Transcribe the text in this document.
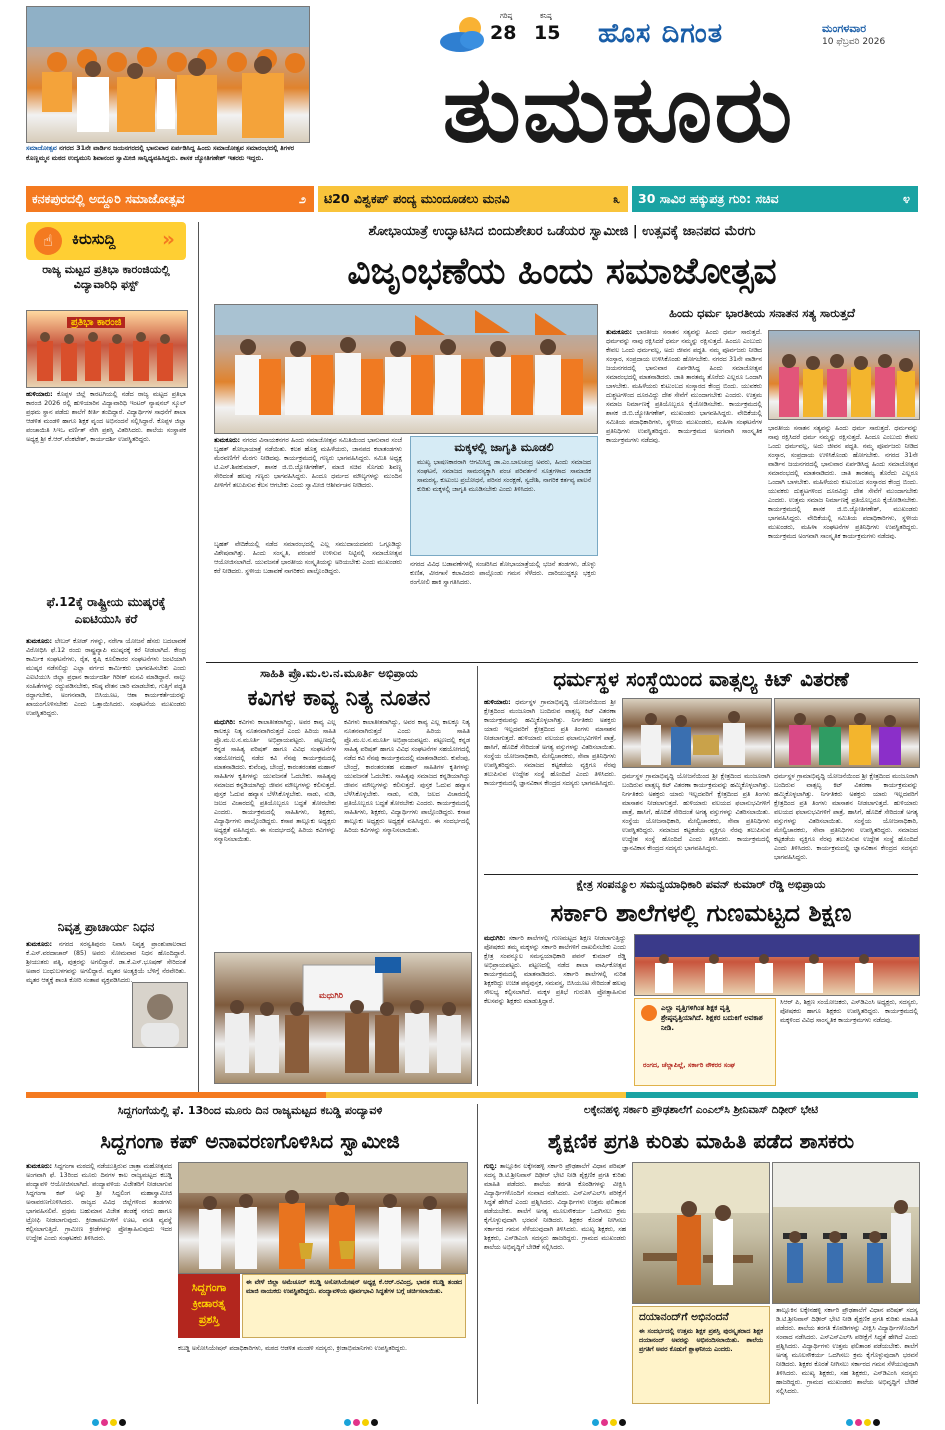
ಸಮಾಜೋತ್ಸವ ನಗರದ 31ನೇ ವಾರ್ಡಿನ ಜಯನಗರದಲ್ಲಿ ಭಾನುವಾರ ಏರ್ಪಡಿಸಿದ್ದ ಹಿಂದು ಸಮಾಜೋತ್ಸವ ಸಮಾರಂಭದಲ್ಲಿ ತಿಗಳರ ಕೊಣ್ಣಮ್ಮನ ಮಠದ ಉದ್ಯಮುನಿ ಶಿವಾನಂದ ಸ್ವಾಮೀಜಿ ಸಾನ್ನಿಧ್ಯವಹಿಸಿದ್ದರು. ಶಾಸಕ ಜ್ಯೋತಿಗಣೇಶ್ ಇತರರು ಇದ್ದರು.
ಗರಿಷ್ಠ
28
ಕನಿಷ್ಠ
15 ಹೊಸ ದಿಗಂತ	ಮಂಗಳವಾರ
10 ಫೆಬ್ರವರಿ 2026
ತುಮಕೂರು
ಕನಕಪುರದಲ್ಲಿ ಅದ್ದೂರಿ ಸಮಾಜೋತ್ಸವ	೨	ಟಿ20 ವಿಶ್ವಕಪ್ ಪಂದ್ಯ ಮುಂದೂಡಲು ಮನವಿ	೩	30 ಸಾವಿರ ಹಕ್ಕುಪತ್ರ ಗುರಿ: ಸಚಿವ	೪
☝	ಕಿರುಸುದ್ದಿ »
ರಾಜ್ಯ ಮಟ್ಟದ ಪ್ರತಿಭಾ ಕಾರಂಜಿಯಲ್ಲಿ ವಿದ್ಯಾವಾರಿಧಿ ಫಸ್ಟ್
ಪ್ರತಿಭಾ ಕಾರಂಜಿ
ಹುಳಿಯಾರು: ಕೊಪ್ಪಳ ಜಿಲ್ಲೆ ಕಾರಟಗಿಯಲ್ಲಿ ನಡೆದ ರಾಜ್ಯ ಮಟ್ಟದ ಪ್ರತಿಭಾ ಕಾರಂಜಿ 2026 ರಲ್ಲಿ ಹುಳಿಯಾರಿನ ವಿದ್ಯಾವಾರಿಧಿ ಇಂಟರ್ ನ್ಯಾಷನಲ್ ಸ್ಕೂಲ್ ಪ್ರಥಮ ಸ್ಥಾನ ಪಡೆದು ಶಾಲೆಗೆ ಕೀರ್ತಿ ತಂದಿದ್ದಾರೆ. ವಿದ್ಯಾರ್ಥಿಗಳ ಸಾಧನೆಗೆ ಶಾಲಾ ಆಡಳಿತ ಮಂಡಳಿ ಹಾಗೂ ಶಿಕ್ಷಕ ವೃಂದ ಅಭಿನಂದನೆ ಸಲ್ಲಿಸಿದ್ದಾರೆ. ಕೊಪ್ಪಳ ಜಿಲ್ಲಾ ಪಂಚಾಯಿತಿ ಸಿಇಒ ವರ್ಣಿತ್ ನೇಗಿ ಪ್ರಶಸ್ತಿ ವಿತರಿಸಿದರು. ಶಾಲೆಯ ಸಂಸ್ಥಾಪಕ ಅಧ್ಯಕ್ಷ ಶ್ರೀ ಕೆ.ಆರ್.ವೆಂಕಟೇಶ್, ಕಾರ್ಯದರ್ಶಿ ಉಪಸ್ಥಿತರಿದ್ದರು.
ಫೆ.12ಕ್ಕೆ ರಾಷ್ಟ್ರೀಯ ಮುಷ್ಕರಕ್ಕೆ ಎಐಟಿಯುಸಿ ಕರೆ
ತುಮಕೂರು: ಲೇಬರ್ ಕೋಡ್ ಗಳನ್ನು, ನರೇಗಾ ಯೋಜನೆ ಹೆಸರು ಬದಲಾವಣೆ ವಿರೋಧಿಸಿ ಫೆ.12 ರಂದು ರಾಷ್ಟ್ರವ್ಯಾಪಿ ಮುಷ್ಕರಕ್ಕೆ ಕರೆ ನೀಡಲಾಗಿದೆ. ಕೇಂದ್ರ ಕಾರ್ಮಿಕ ಸಂಘಟನೆಗಳು, ರೈತ, ಕೃಷಿ ಕೂಲಿಕಾರರ ಸಂಘಟನೆಗಳು ಜಂಟಿಯಾಗಿ ಮುಷ್ಕರ ನಡೆಸಲಿದ್ದು ಎಲ್ಲಾ ವರ್ಗದ ಕಾರ್ಮಿಕರು ಭಾಗವಹಿಸಬೇಕು ಎಂದು ಎಐಟಿಯುಸಿ ಜಿಲ್ಲಾ ಪ್ರಧಾನ ಕಾರ್ಯದರ್ಶಿ ಗಿರೀಶ್ ಮನವಿ ಮಾಡಿದ್ದಾರೆ. ನಾಲ್ಕು ಸಂಹಿತೆಗಳನ್ನು ರದ್ದುಪಡಿಸಬೇಕು, ಕನಿಷ್ಠ ವೇತನ ಜಾರಿ ಮಾಡಬೇಕು, ಗುತ್ತಿಗೆ ಪದ್ಧತಿ ರದ್ದಾಗಬೇಕು, ಅಂಗನವಾಡಿ, ಬಿಸಿಯೂಟ, ಆಶಾ ಕಾರ್ಯಕರ್ತೆಯರನ್ನು ಖಾಯಂಗೊಳಿಸಬೇಕು ಎಂದು ಒತ್ತಾಯಿಸಿದರು. ಸಂಘಟನೆಯ ಮುಖಂಡರು ಉಪಸ್ಥಿತರಿದ್ದರು.
ನಿವೃತ್ತ ಪ್ರಾಚಾರ್ಯ ನಿಧನ
ತುಮಕೂರು: ನಗರದ ಸರಸ್ವತಿಪುರಂ ನಿವಾಸಿ ನಿವೃತ್ತ ಪ್ರಾಂಶುಪಾಲರಾದ ಕೆ.ಎಸ್.ವರದಾಚಾರ್ (85) ಅವರು ಸೋಮವಾರ ನಿಧನ ಹೊಂದಿದ್ದಾರೆ. ಶ್ರೀಯುತರು ಪತ್ನಿ, ಪುತ್ರರನ್ನು ಅಗಲಿದ್ದಾರೆ. ಡಾ.ಕೆ.ಎಸ್.ಭೂಷಣ್ ಸೇರಿದಂತೆ ಅಪಾರ ಬಂಧುಬಳಗವನ್ನು ಅಗಲಿದ್ದಾರೆ. ಮೃತರ ಅಂತ್ಯಕ್ರಿಯೆ ಬೆಳಿಗ್ಗೆ ನೆರವೇರಿತು. ಮೃತರ ಆತ್ಮಕ್ಕೆ ಶಾಂತಿ ಕೋರಿ ಸಂತಾಪ ವ್ಯಕ್ತಪಡಿಸಿದರು.
ಶೋಭಾಯಾತ್ರೆ ಉದ್ಘಾಟಿಸಿದ ಬಿಂದುಶೇಖರ ಒಡೆಯರ ಸ್ವಾಮೀಜಿ | ಉತ್ಸವಕ್ಕೆ ಜಾನಪದ ಮೆರಗು
ವಿಜೃಂಭಣೆಯ ಹಿಂದು ಸಮಾಜೋತ್ಸವ
ತುಮಕೂರು: ನಗರದ ವಿನಾಯಕನಗರ ಹಿಂದು ಸಮಾಜೋತ್ಸವ ಸಮಿತಿಯಿಂದ ಭಾನುವಾರ ಸಂಜೆ ಬೃಹತ್ ಶೋಭಾಯಾತ್ರೆ ನಡೆಯಿತು. ಕಲಶ ಹೊತ್ತ ಮಹಿಳೆಯರು, ಜಾನಪದ ಕಲಾತಂಡಗಳು ಮೆರವಣಿಗೆಗೆ ಮೆರಗು ನೀಡಿದವು. ಕಾರ್ಯಕ್ರಮದಲ್ಲಿ ಗಣ್ಯರು ಭಾಗವಹಿಸಿದ್ದರು. ಸಮಿತಿ ಅಧ್ಯಕ್ಷ ಟಿ.ಎಸ್.ಶಿವಕುಮಾರ್, ಶಾಸಕ ಜಿ.ಬಿ.ಜ್ಯೋತಿಗಣೇಶ್, ಮಾಜಿ ಸಚಿವ ಸೊಗಡು ಶಿವಣ್ಣ ಸೇರಿದಂತೆ ಹಲವು ಗಣ್ಯರು ಭಾಗವಹಿಸಿದ್ದರು. ಹಿಂದೂ ಧರ್ಮದ ಮೌಲ್ಯಗಳನ್ನು ಮುಂದಿನ ಪೀಳಿಗೆಗೆ ತಲುಪಿಸುವ ಕೆಲಸ ಆಗಬೇಕು ಎಂದು ಸ್ವಾಮೀಜಿ ಆಶೀರ್ವಚನ ನೀಡಿದರು.
ಬೃಹತ್ ವೇದಿಕೆಯಲ್ಲಿ ನಡೆದ ಸಮಾರಂಭದಲ್ಲಿ ಎಲ್ಲ ಸಮುದಾಯದವರು ಒಗ್ಗೂಡಿದ್ದು ವಿಶೇಷವಾಗಿತ್ತು. ಹಿಂದು ಸಂಸ್ಕೃತಿ, ಪರಂಪರೆ ಉಳಿಸುವ ನಿಟ್ಟಿನಲ್ಲಿ ಸಮಾಜೋತ್ಸವ ಆಯೋಜಿಸಲಾಗಿದೆ. ಯುವಜನತೆ ಭಾರತೀಯ ಸಂಸ್ಕೃತಿಯನ್ನು ಅರಿಯಬೇಕು ಎಂದು ಮುಖಂಡರು ಕರೆ ನೀಡಿದರು. ಸ್ಥಳೀಯ ಬಡಾವಣೆ ನಾಗರಿಕರು ಪಾಲ್ಗೊಂಡಿದ್ದರು.
ಮಕ್ಕಳಲ್ಲಿ ಜಾಗೃತಿ ಮೂಡಲಿ
ಮುಖ್ಯ ಭಾಷಣಕಾರರಾಗಿ ಆಗಮಿಸಿದ್ದ ಡಾ.ಎಂ.ಬಾಲಚಂದ್ರ ಅವರು, ಹಿಂದು ಸಮಾಜದ ಸಂಘಟನೆ, ಸಮಾಜದ ಸಾಮರಸ್ಯಕ್ಕಾಗಿ ಪಂಚ ಪರಿವರ್ತನೆ ಸೂತ್ರಗಳಾದ ಸಾಮಾಜಿಕ ಸಾಮರಸ್ಯ, ಕುಟುಂಬ ಪ್ರಬೋಧನೆ, ಪರಿಸರ ಸಂರಕ್ಷಣೆ, ಸ್ವದೇಶಿ, ನಾಗರಿಕ ಕರ್ತವ್ಯ ಪಾಲನೆ ಕುರಿತು ಮಕ್ಕಳಲ್ಲಿ ಜಾಗೃತಿ ಮೂಡಿಸಬೇಕು ಎಂದು ತಿಳಿಸಿದರು.
ನಗರದ ವಿವಿಧ ಬಡಾವಣೆಗಳಲ್ಲಿ ಸಂಚರಿಸಿದ ಶೋಭಾಯಾತ್ರೆಯಲ್ಲಿ ಭಜನೆ ತಂಡಗಳು, ಡೊಳ್ಳು ಕುಣಿತ, ವೀರಗಾಸೆ ಕಲಾವಿದರು ಪಾಲ್ಗೊಂಡು ಗಮನ ಸೆಳೆದರು. ದಾರಿಯುದ್ದಕ್ಕೂ ಭಕ್ತರು ರಂಗೋಲಿ ಹಾಕಿ ಸ್ವಾಗತಿಸಿದರು.
ಹಿಂದು ಧರ್ಮ ಭಾರತೀಯ ಸನಾತನ ಸತ್ಯ ಸಾರುತ್ತದೆ
ತುಮಕೂರು: ಭಾರತೀಯ ಸನಾತನ ಸತ್ಯವನ್ನು ಹಿಂದು ಧರ್ಮ ಸಾರುತ್ತದೆ. ಧರ್ಮವನ್ನು ನಾವು ರಕ್ಷಿಸಿದರೆ ಧರ್ಮ ನಮ್ಮನ್ನು ರಕ್ಷಿಸುತ್ತದೆ. ಹಿಂದೂ ಎಂಬುದು ಕೇವಲ ಒಂದು ಧರ್ಮವಲ್ಲ, ಅದು ಜೀವನ ಪದ್ಧತಿ. ನಮ್ಮ ಪೂರ್ವಜರು ನೀಡಿದ ಸಂಸ್ಕಾರ, ಸಂಪ್ರದಾಯ ಉಳಿಸಿಕೊಂಡು ಹೋಗಬೇಕು. ನಗರದ 31ನೇ ವಾರ್ಡಿನ ಜಯನಗರದಲ್ಲಿ ಭಾನುವಾರ ಏರ್ಪಡಿಸಿದ್ದ ಹಿಂದು ಸಮಾಜೋತ್ಸವ ಸಮಾರಂಭದಲ್ಲಿ ಮಾತನಾಡಿದರು. ಜಾತಿ ತಾರತಮ್ಯ ತೊರೆದು ಎಲ್ಲರೂ ಒಂದಾಗಿ ಬಾಳಬೇಕು. ಮಹಿಳೆಯರು ಕುಟುಂಬದ ಸಂಸ್ಕಾರದ ಕೇಂದ್ರ ಬಿಂದು. ಯುವಕರು ದುಶ್ಚಟಗಳಿಂದ ದೂರವಿದ್ದು ದೇಶ ಸೇವೆಗೆ ಮುಂದಾಗಬೇಕು ಎಂದರು. ಉತ್ತಮ ಸಮಾಜ ನಿರ್ಮಾಣಕ್ಕೆ ಪ್ರತಿಯೊಬ್ಬರೂ ಕೈಜೋಡಿಸಬೇಕು. ಕಾರ್ಯಕ್ರಮದಲ್ಲಿ ಶಾಸಕ ಜಿ.ಬಿ.ಜ್ಯೋತಿಗಣೇಶ್, ಮುಖಂಡರು ಭಾಗವಹಿಸಿದ್ದರು. ವೇದಿಕೆಯಲ್ಲಿ ಸಮಿತಿಯ ಪದಾಧಿಕಾರಿಗಳು, ಸ್ಥಳೀಯ ಮುಖಂಡರು, ಮಹಿಳಾ ಸಂಘಟನೆಗಳ ಪ್ರತಿನಿಧಿಗಳು ಉಪಸ್ಥಿತರಿದ್ದರು. ಕಾರ್ಯಕ್ರಮದ ಅಂಗವಾಗಿ ಸಾಂಸ್ಕೃತಿಕ ಕಾರ್ಯಕ್ರಮಗಳು ನಡೆದವು.
ಭಾರತೀಯ ಸನಾತನ ಸತ್ಯವನ್ನು ಹಿಂದು ಧರ್ಮ ಸಾರುತ್ತದೆ. ಧರ್ಮವನ್ನು ನಾವು ರಕ್ಷಿಸಿದರೆ ಧರ್ಮ ನಮ್ಮನ್ನು ರಕ್ಷಿಸುತ್ತದೆ. ಹಿಂದೂ ಎಂಬುದು ಕೇವಲ ಒಂದು ಧರ್ಮವಲ್ಲ, ಅದು ಜೀವನ ಪದ್ಧತಿ. ನಮ್ಮ ಪೂರ್ವಜರು ನೀಡಿದ ಸಂಸ್ಕಾರ, ಸಂಪ್ರದಾಯ ಉಳಿಸಿಕೊಂಡು ಹೋಗಬೇಕು. ನಗರದ 31ನೇ ವಾರ್ಡಿನ ಜಯನಗರದಲ್ಲಿ ಭಾನುವಾರ ಏರ್ಪಡಿಸಿದ್ದ ಹಿಂದು ಸಮಾಜೋತ್ಸವ ಸಮಾರಂಭದಲ್ಲಿ ಮಾತನಾಡಿದರು. ಜಾತಿ ತಾರತಮ್ಯ ತೊರೆದು ಎಲ್ಲರೂ ಒಂದಾಗಿ ಬಾಳಬೇಕು. ಮಹಿಳೆಯರು ಕುಟುಂಬದ ಸಂಸ್ಕಾರದ ಕೇಂದ್ರ ಬಿಂದು. ಯುವಕರು ದುಶ್ಚಟಗಳಿಂದ ದೂರವಿದ್ದು ದೇಶ ಸೇವೆಗೆ ಮುಂದಾಗಬೇಕು ಎಂದರು. ಉತ್ತಮ ಸಮಾಜ ನಿರ್ಮಾಣಕ್ಕೆ ಪ್ರತಿಯೊಬ್ಬರೂ ಕೈಜೋಡಿಸಬೇಕು. ಕಾರ್ಯಕ್ರಮದಲ್ಲಿ ಶಾಸಕ ಜಿ.ಬಿ.ಜ್ಯೋತಿಗಣೇಶ್, ಮುಖಂಡರು ಭಾಗವಹಿಸಿದ್ದರು. ವೇದಿಕೆಯಲ್ಲಿ ಸಮಿತಿಯ ಪದಾಧಿಕಾರಿಗಳು, ಸ್ಥಳೀಯ ಮುಖಂಡರು, ಮಹಿಳಾ ಸಂಘಟನೆಗಳ ಪ್ರತಿನಿಧಿಗಳು ಉಪಸ್ಥಿತರಿದ್ದರು. ಕಾರ್ಯಕ್ರಮದ ಅಂಗವಾಗಿ ಸಾಂಸ್ಕೃತಿಕ ಕಾರ್ಯಕ್ರಮಗಳು ನಡೆದವು.
ಸಾಹಿತಿ ಪ್ರೊ.ಮ.ಲ.ನ.ಮೂರ್ತಿ ಅಭಿಪ್ರಾಯ
ಕವಿಗಳ ಕಾವ್ಯ ನಿತ್ಯ ನೂತನ
ಮಧುಗಿರಿ: ಕವಿಗಳು ಕಾಲಾತೀತರಾಗಿದ್ದು, ಅವರ ಕಾವ್ಯ ಎಲ್ಲ ಕಾಲಕ್ಕೂ ನಿತ್ಯ ನೂತನವಾಗಿರುತ್ತದೆ ಎಂದು ಹಿರಿಯ ಸಾಹಿತಿ ಪ್ರೊ.ಮ.ಲ.ನ.ಮೂರ್ತಿ ಅಭಿಪ್ರಾಯಪಟ್ಟರು. ಪಟ್ಟಣದಲ್ಲಿ ಕನ್ನಡ ಸಾಹಿತ್ಯ ಪರಿಷತ್ ಹಾಗೂ ವಿವಿಧ ಸಂಘಟನೆಗಳ ಸಹಯೋಗದಲ್ಲಿ ನಡೆದ ಕವಿ ನೆನಪು ಕಾರ್ಯಕ್ರಮದಲ್ಲಿ ಮಾತನಾಡಿದರು. ಕುವೆಂಪು, ಬೇಂದ್ರೆ, ಕಾರಂತರಂತಹ ಮಹಾನ್ ಸಾಹಿತಿಗಳ ಕೃತಿಗಳನ್ನು ಯುವಜನತೆ ಓದಬೇಕು. ಸಾಹಿತ್ಯವು ಸಮಾಜದ ಕನ್ನಡಿಯಾಗಿದ್ದು ಜೀವನ ಮೌಲ್ಯಗಳನ್ನು ಕಲಿಸುತ್ತದೆ. ಪುಸ್ತಕ ಓದುವ ಹವ್ಯಾಸ ಬೆಳೆಸಿಕೊಳ್ಳಬೇಕು. ನಾಡು, ನುಡಿ, ಜಲದ ವಿಚಾರದಲ್ಲಿ ಪ್ರತಿಯೊಬ್ಬರೂ ಬದ್ಧತೆ ತೋರಬೇಕು ಎಂದರು. ಕಾರ್ಯಕ್ರಮದಲ್ಲಿ ಸಾಹಿತಿಗಳು, ಶಿಕ್ಷಕರು, ವಿದ್ಯಾರ್ಥಿಗಳು ಪಾಲ್ಗೊಂಡಿದ್ದರು. ಕಸಾಪ ತಾಲ್ಲೂಕು ಅಧ್ಯಕ್ಷರು ಅಧ್ಯಕ್ಷತೆ ವಹಿಸಿದ್ದರು. ಈ ಸಂದರ್ಭದಲ್ಲಿ ಹಿರಿಯ ಕವಿಗಳನ್ನು ಸನ್ಮಾನಿಸಲಾಯಿತು.
ಕವಿಗಳು ಕಾಲಾತೀತರಾಗಿದ್ದು, ಅವರ ಕಾವ್ಯ ಎಲ್ಲ ಕಾಲಕ್ಕೂ ನಿತ್ಯ ನೂತನವಾಗಿರುತ್ತದೆ ಎಂದು ಹಿರಿಯ ಸಾಹಿತಿ ಪ್ರೊ.ಮ.ಲ.ನ.ಮೂರ್ತಿ ಅಭಿಪ್ರಾಯಪಟ್ಟರು. ಪಟ್ಟಣದಲ್ಲಿ ಕನ್ನಡ ಸಾಹಿತ್ಯ ಪರಿಷತ್ ಹಾಗೂ ವಿವಿಧ ಸಂಘಟನೆಗಳ ಸಹಯೋಗದಲ್ಲಿ ನಡೆದ ಕವಿ ನೆನಪು ಕಾರ್ಯಕ್ರಮದಲ್ಲಿ ಮಾತನಾಡಿದರು. ಕುವೆಂಪು, ಬೇಂದ್ರೆ, ಕಾರಂತರಂತಹ ಮಹಾನ್ ಸಾಹಿತಿಗಳ ಕೃತಿಗಳನ್ನು ಯುವಜನತೆ ಓದಬೇಕು. ಸಾಹಿತ್ಯವು ಸಮಾಜದ ಕನ್ನಡಿಯಾಗಿದ್ದು ಜೀವನ ಮೌಲ್ಯಗಳನ್ನು ಕಲಿಸುತ್ತದೆ. ಪುಸ್ತಕ ಓದುವ ಹವ್ಯಾಸ ಬೆಳೆಸಿಕೊಳ್ಳಬೇಕು. ನಾಡು, ನುಡಿ, ಜಲದ ವಿಚಾರದಲ್ಲಿ ಪ್ರತಿಯೊಬ್ಬರೂ ಬದ್ಧತೆ ತೋರಬೇಕು ಎಂದರು. ಕಾರ್ಯಕ್ರಮದಲ್ಲಿ ಸಾಹಿತಿಗಳು, ಶಿಕ್ಷಕರು, ವಿದ್ಯಾರ್ಥಿಗಳು ಪಾಲ್ಗೊಂಡಿದ್ದರು. ಕಸಾಪ ತಾಲ್ಲೂಕು ಅಧ್ಯಕ್ಷರು ಅಧ್ಯಕ್ಷತೆ ವಹಿಸಿದ್ದರು. ಈ ಸಂದರ್ಭದಲ್ಲಿ ಹಿರಿಯ ಕವಿಗಳನ್ನು ಸನ್ಮಾನಿಸಲಾಯಿತು.
ಮಧುಗಿರಿ
ಧರ್ಮಸ್ಥಳ ಸಂಸ್ಥೆಯಿಂದ ವಾತ್ಸಲ್ಯ ಕಿಟ್ ವಿತರಣೆ
ಹುಳಿಯಾರು: ಧರ್ಮಸ್ಥಳ ಗ್ರಾಮಾಭಿವೃದ್ಧಿ ಯೋಜನೆಯಿಂದ ಶ್ರೀ ಕ್ಷೇತ್ರದಿಂದ ಮಂಜೂರಾಗಿ ಬಂದಿರುವ ವಾತ್ಸಲ್ಯ ಕಿಟ್ ವಿತರಣಾ ಕಾರ್ಯಕ್ರಮವನ್ನು ಹಮ್ಮಿಕೊಳ್ಳಲಾಗಿತ್ತು. ನಿರ್ಗತಿಕರು ಅಶಕ್ತರು ಯಾರು ಇಲ್ಲದವರಿಗೆ ಕ್ಷೇತ್ರದಿಂದ ಪ್ರತಿ ತಿಂಗಳು ಮಾಸಾಶನ ನೀಡಲಾಗುತ್ತದೆ. ಹುಳಿಯಾರು ವಲಯದ ಫಲಾನುಭವಿಗಳಿಗೆ ಪಾತ್ರೆ, ಹಾಸಿಗೆ, ಹೊದಿಕೆ ಸೇರಿದಂತೆ ಅಗತ್ಯ ವಸ್ತುಗಳನ್ನು ವಿತರಿಸಲಾಯಿತು. ಸಂಸ್ಥೆಯ ಯೋಜನಾಧಿಕಾರಿ, ಮೇಲ್ವಿಚಾರಕರು, ಸೇವಾ ಪ್ರತಿನಿಧಿಗಳು ಉಪಸ್ಥಿತರಿದ್ದರು. ಸಮಾಜದ ಕಟ್ಟಕಡೆಯ ವ್ಯಕ್ತಿಗೂ ನೆರವು ತಲುಪಿಸುವ ಉದ್ದೇಶ ಸಂಸ್ಥೆ ಹೊಂದಿದೆ ಎಂದು ತಿಳಿಸಿದರು. ಕಾರ್ಯಕ್ರಮದಲ್ಲಿ ಜ್ಞಾನವಿಕಾಸ ಕೇಂದ್ರದ ಸದಸ್ಯರು ಭಾಗವಹಿಸಿದ್ದರು.
ಧರ್ಮಸ್ಥಳ ಗ್ರಾಮಾಭಿವೃದ್ಧಿ ಯೋಜನೆಯಿಂದ ಶ್ರೀ ಕ್ಷೇತ್ರದಿಂದ ಮಂಜೂರಾಗಿ ಬಂದಿರುವ ವಾತ್ಸಲ್ಯ ಕಿಟ್ ವಿತರಣಾ ಕಾರ್ಯಕ್ರಮವನ್ನು ಹಮ್ಮಿಕೊಳ್ಳಲಾಗಿತ್ತು. ನಿರ್ಗತಿಕರು ಅಶಕ್ತರು ಯಾರು ಇಲ್ಲದವರಿಗೆ ಕ್ಷೇತ್ರದಿಂದ ಪ್ರತಿ ತಿಂಗಳು ಮಾಸಾಶನ ನೀಡಲಾಗುತ್ತದೆ. ಹುಳಿಯಾರು ವಲಯದ ಫಲಾನುಭವಿಗಳಿಗೆ ಪಾತ್ರೆ, ಹಾಸಿಗೆ, ಹೊದಿಕೆ ಸೇರಿದಂತೆ ಅಗತ್ಯ ವಸ್ತುಗಳನ್ನು ವಿತರಿಸಲಾಯಿತು. ಸಂಸ್ಥೆಯ ಯೋಜನಾಧಿಕಾರಿ, ಮೇಲ್ವಿಚಾರಕರು, ಸೇವಾ ಪ್ರತಿನಿಧಿಗಳು ಉಪಸ್ಥಿತರಿದ್ದರು. ಸಮಾಜದ ಕಟ್ಟಕಡೆಯ ವ್ಯಕ್ತಿಗೂ ನೆರವು ತಲುಪಿಸುವ ಉದ್ದೇಶ ಸಂಸ್ಥೆ ಹೊಂದಿದೆ ಎಂದು ತಿಳಿಸಿದರು. ಕಾರ್ಯಕ್ರಮದಲ್ಲಿ ಜ್ಞಾನವಿಕಾಸ ಕೇಂದ್ರದ ಸದಸ್ಯರು ಭಾಗವಹಿಸಿದ್ದರು.
ಧರ್ಮಸ್ಥಳ ಗ್ರಾಮಾಭಿವೃದ್ಧಿ ಯೋಜನೆಯಿಂದ ಶ್ರೀ ಕ್ಷೇತ್ರದಿಂದ ಮಂಜೂರಾಗಿ ಬಂದಿರುವ ವಾತ್ಸಲ್ಯ ಕಿಟ್ ವಿತರಣಾ ಕಾರ್ಯಕ್ರಮವನ್ನು ಹಮ್ಮಿಕೊಳ್ಳಲಾಗಿತ್ತು. ನಿರ್ಗತಿಕರು ಅಶಕ್ತರು ಯಾರು ಇಲ್ಲದವರಿಗೆ ಕ್ಷೇತ್ರದಿಂದ ಪ್ರತಿ ತಿಂಗಳು ಮಾಸಾಶನ ನೀಡಲಾಗುತ್ತದೆ. ಹುಳಿಯಾರು ವಲಯದ ಫಲಾನುಭವಿಗಳಿಗೆ ಪಾತ್ರೆ, ಹಾಸಿಗೆ, ಹೊದಿಕೆ ಸೇರಿದಂತೆ ಅಗತ್ಯ ವಸ್ತುಗಳನ್ನು ವಿತರಿಸಲಾಯಿತು. ಸಂಸ್ಥೆಯ ಯೋಜನಾಧಿಕಾರಿ, ಮೇಲ್ವಿಚಾರಕರು, ಸೇವಾ ಪ್ರತಿನಿಧಿಗಳು ಉಪಸ್ಥಿತರಿದ್ದರು. ಸಮಾಜದ ಕಟ್ಟಕಡೆಯ ವ್ಯಕ್ತಿಗೂ ನೆರವು ತಲುಪಿಸುವ ಉದ್ದೇಶ ಸಂಸ್ಥೆ ಹೊಂದಿದೆ ಎಂದು ತಿಳಿಸಿದರು. ಕಾರ್ಯಕ್ರಮದಲ್ಲಿ ಜ್ಞಾನವಿಕಾಸ ಕೇಂದ್ರದ ಸದಸ್ಯರು ಭಾಗವಹಿಸಿದ್ದರು.
ಕ್ಷೇತ್ರ ಸಂಪನ್ಮೂಲ ಸಮನ್ವಯಾಧಿಕಾರಿ ಪವನ್ ಕುಮಾರ್ ರೆಡ್ಡಿ ಅಭಿಪ್ರಾಯ
ಸರ್ಕಾರಿ ಶಾಲೆಗಳಲ್ಲಿ ಗುಣಮಟ್ಟದ ಶಿಕ್ಷಣ
ಮಧುಗಿರಿ: ಸರ್ಕಾರಿ ಶಾಲೆಗಳಲ್ಲಿ ಗುಣಮಟ್ಟದ ಶಿಕ್ಷಣ ನೀಡಲಾಗುತ್ತಿದ್ದು ಪೋಷಕರು ತಮ್ಮ ಮಕ್ಕಳನ್ನು ಸರ್ಕಾರಿ ಶಾಲೆಗಳಿಗೆ ದಾಖಲಿಸಬೇಕು ಎಂದು ಕ್ಷೇತ್ರ ಸಂಪನ್ಮೂಲ ಸಮನ್ವಯಾಧಿಕಾರಿ ಪವನ್ ಕುಮಾರ್ ರೆಡ್ಡಿ ಅಭಿಪ್ರಾಯಪಟ್ಟರು. ಪಟ್ಟಣದಲ್ಲಿ ನಡೆದ ಶಾಲಾ ವಾರ್ಷಿಕೋತ್ಸವ ಕಾರ್ಯಕ್ರಮದಲ್ಲಿ ಮಾತನಾಡಿದರು. ಸರ್ಕಾರಿ ಶಾಲೆಗಳಲ್ಲಿ ನುರಿತ ಶಿಕ್ಷಕರಿದ್ದು ಉಚಿತ ಪಠ್ಯಪುಸ್ತಕ, ಸಮವಸ್ತ್ರ, ಬಿಸಿಯೂಟ ಸೇರಿದಂತೆ ಹಲವು ಸೌಲಭ್ಯ ಕಲ್ಪಿಸಲಾಗಿದೆ. ಮಕ್ಕಳ ಪ್ರತಿಭೆ ಗುರುತಿಸಿ ಪ್ರೋತ್ಸಾಹಿಸುವ ಕೆಲಸವನ್ನು ಶಿಕ್ಷಕರು ಮಾಡುತ್ತಿದ್ದಾರೆ.
ಎಲ್ಲಾ ವೃತ್ತಿಗಳಿಗಿಂತ ಶಿಕ್ಷಕ ವೃತ್ತಿ ಶ್ರೇಷ್ಠವೃತ್ತಿಯಾಗಿದೆ. ಶಿಕ್ಷಕರ ಬದುಕಿಗೆ ಅವಕಾಶ ನೀಡಿ.
ರಂಗದ, ಚೆಲ್ಲಾಪಿಲ್ಲೆ, ಸರ್ಕಾರಿ ನೌಕರರ ಸಂಘ
ಸಿಆರ್ ಪಿ, ಶಿಕ್ಷಣ ಸಂಯೋಜಕರು, ಎಸ್‌ಡಿಎಂಸಿ ಅಧ್ಯಕ್ಷರು, ಸದಸ್ಯರು, ಪೋಷಕರು ಹಾಗೂ ಶಿಕ್ಷಕರು ಉಪಸ್ಥಿತರಿದ್ದರು. ಕಾರ್ಯಕ್ರಮದಲ್ಲಿ ಮಕ್ಕಳಿಂದ ವಿವಿಧ ಸಾಂಸ್ಕೃತಿಕ ಕಾರ್ಯಕ್ರಮಗಳು ನಡೆದವು.
ಸಿದ್ದಗಂಗೆಯಲ್ಲಿ ಫೆ. 13ರಿಂದ ಮೂರು ದಿನ ರಾಜ್ಯಮಟ್ಟದ ಕಬಡ್ಡಿ ಪಂದ್ಯಾವಳಿ
ಸಿದ್ದಗಂಗಾ ಕಪ್ ಅನಾವರಣಗೊಳಿಸಿದ ಸ್ವಾಮೀಜಿ
ತುಮಕೂರು: ಸಿದ್ದಗಂಗಾ ಮಠದಲ್ಲಿ ನಡೆಯುತ್ತಿರುವ ಜಾತ್ರಾ ಮಹೋತ್ಸವದ ಅಂಗವಾಗಿ ಫೆ. 13ರಿಂದ ಮೂರು ದಿನಗಳ ಕಾಲ ರಾಜ್ಯಮಟ್ಟದ ಕಬಡ್ಡಿ ಪಂದ್ಯಾವಳಿ ಆಯೋಜಿಸಲಾಗಿದೆ. ಪಂದ್ಯಾವಳಿಯ ವಿಜೇತರಿಗೆ ನೀಡಲಾಗುವ ಸಿದ್ದಗಂಗಾ ಕಪ್ ಅನ್ನು ಶ್ರೀ ಸಿದ್ದಲಿಂಗ ಮಹಾಸ್ವಾಮೀಜಿ ಅನಾವರಣಗೊಳಿಸಿದರು. ರಾಜ್ಯದ ವಿವಿಧ ಜಿಲ್ಲೆಗಳಿಂದ ತಂಡಗಳು ಭಾಗವಹಿಸಲಿವೆ. ಪ್ರಥಮ ಬಹುಮಾನ ವಿಜೇತ ತಂಡಕ್ಕೆ ನಗದು ಹಾಗೂ ಟ್ರೋಫಿ ನೀಡಲಾಗುವುದು. ಕ್ರೀಡಾಪಟುಗಳಿಗೆ ಊಟ, ವಸತಿ ವ್ಯವಸ್ಥೆ ಕಲ್ಪಿಸಲಾಗುತ್ತಿದೆ. ಗ್ರಾಮೀಣ ಕ್ರೀಡೆಗಳನ್ನು ಪ್ರೋತ್ಸಾಹಿಸುವುದು ಇದರ ಉದ್ದೇಶ ಎಂದು ಸಂಘಟಕರು ತಿಳಿಸಿದರು.
ಸಿದ್ದಗಂಗಾ
ಕ್ರೀಡಾರತ್ನ
ಪ್ರಶಸ್ತಿ
ಈ ವೇಳೆ ಜಿಲ್ಲಾ ಅಮೆಚೂರ್ ಕಬಡ್ಡಿ ಅಸೋಸಿಯೇಷನ್ ಅಧ್ಯಕ್ಷ ಕೆ.ಆರ್.ರವಿಂದ್ರ, ಭಾರತ ಕಬಡ್ಡಿ ತಂಡದ ಮಾಜಿ ನಾಯಕರು ಉಪಸ್ಥಿತರಿದ್ದರು. ಪಂದ್ಯಾವಳಿಯ ಪೂರ್ವಭಾವಿ ಸಿದ್ಧತೆಗಳ ಬಗ್ಗೆ ಚರ್ಚಿಸಲಾಯಿತು.
ಕಬಡ್ಡಿ ಅಸೋಸಿಯೇಷನ್ ಪದಾಧಿಕಾರಿಗಳು, ಮಠದ ಆಡಳಿತ ಮಂಡಳಿ ಸದಸ್ಯರು, ಕ್ರೀಡಾಭಿಮಾನಿಗಳು ಉಪಸ್ಥಿತರಿದ್ದರು.
ಲಕ್ಕೇನಹಳ್ಳಿ ಸರ್ಕಾರಿ ಪ್ರೌಢಶಾಲೆಗೆ ಎಂಎಲ್‌ಸಿ ಶ್ರೀನಿವಾಸ್ ದಿಢೀರ್ ಭೇಟಿ
ಶೈಕ್ಷಣಿಕ ಪ್ರಗತಿ ಕುರಿತು ಮಾಹಿತಿ ಪಡೆದ ಶಾಸಕರು
ಗುಬ್ಬಿ: ತಾಲ್ಲೂಕಿನ ಲಕ್ಕೇನಹಳ್ಳಿ ಸರ್ಕಾರಿ ಪ್ರೌಢಶಾಲೆಗೆ ವಿಧಾನ ಪರಿಷತ್ ಸದಸ್ಯ ಡಿ.ಟಿ.ಶ್ರೀನಿವಾಸ್ ದಿಢೀರ್ ಭೇಟಿ ನೀಡಿ ಶೈಕ್ಷಣಿಕ ಪ್ರಗತಿ ಕುರಿತು ಮಾಹಿತಿ ಪಡೆದರು. ಶಾಲೆಯ ತರಗತಿ ಕೊಠಡಿಗಳನ್ನು ವೀಕ್ಷಿಸಿ ವಿದ್ಯಾರ್ಥಿಗಳೊಂದಿಗೆ ಸಂವಾದ ನಡೆಸಿದರು. ಎಸ್‌ಎಸ್‌ಎಲ್‌ಸಿ ಪರೀಕ್ಷೆಗೆ ಸಿದ್ಧತೆ ಹೇಗಿದೆ ಎಂದು ಪ್ರಶ್ನಿಸಿದರು. ವಿದ್ಯಾರ್ಥಿಗಳು ಉತ್ತಮ ಫಲಿತಾಂಶ ಪಡೆಯಬೇಕು. ಶಾಲೆಗೆ ಅಗತ್ಯ ಮೂಲಸೌಕರ್ಯ ಒದಗಿಸಲು ಕ್ರಮ ಕೈಗೊಳ್ಳುವುದಾಗಿ ಭರವಸೆ ನೀಡಿದರು. ಶಿಕ್ಷಕರ ಕೊರತೆ ನೀಗಿಸಲು ಸರ್ಕಾರದ ಗಮನ ಸೆಳೆಯುವುದಾಗಿ ತಿಳಿಸಿದರು. ಮುಖ್ಯ ಶಿಕ್ಷಕರು, ಸಹ ಶಿಕ್ಷಕರು, ಎಸ್‌ಡಿಎಂಸಿ ಸದಸ್ಯರು ಹಾಜರಿದ್ದರು. ಗ್ರಾಮದ ಮುಖಂಡರು ಶಾಲೆಯ ಅಭಿವೃದ್ಧಿಗೆ ಬೇಡಿಕೆ ಸಲ್ಲಿಸಿದರು.
ದಯಾನಂದ್‌ಗೆ ಅಭಿನಂದನೆ
ಈ ಸಂದರ್ಭದಲ್ಲಿ ಉತ್ತಮ ಶಿಕ್ಷಕ ಪ್ರಶಸ್ತಿ ಪುರಸ್ಕೃತರಾದ ಶಿಕ್ಷಕ ದಯಾನಂದ್ ಅವರನ್ನು ಅಭಿನಂದಿಸಲಾಯಿತು. ಶಾಲೆಯ ಪ್ರಗತಿಗೆ ಅವರ ಕೊಡುಗೆ ಶ್ಲಾಘನೀಯ ಎಂದರು.
ತಾಲ್ಲೂಕಿನ ಲಕ್ಕೇನಹಳ್ಳಿ ಸರ್ಕಾರಿ ಪ್ರೌಢಶಾಲೆಗೆ ವಿಧಾನ ಪರಿಷತ್ ಸದಸ್ಯ ಡಿ.ಟಿ.ಶ್ರೀನಿವಾಸ್ ದಿಢೀರ್ ಭೇಟಿ ನೀಡಿ ಶೈಕ್ಷಣಿಕ ಪ್ರಗತಿ ಕುರಿತು ಮಾಹಿತಿ ಪಡೆದರು. ಶಾಲೆಯ ತರಗತಿ ಕೊಠಡಿಗಳನ್ನು ವೀಕ್ಷಿಸಿ ವಿದ್ಯಾರ್ಥಿಗಳೊಂದಿಗೆ ಸಂವಾದ ನಡೆಸಿದರು. ಎಸ್‌ಎಸ್‌ಎಲ್‌ಸಿ ಪರೀಕ್ಷೆಗೆ ಸಿದ್ಧತೆ ಹೇಗಿದೆ ಎಂದು ಪ್ರಶ್ನಿಸಿದರು. ವಿದ್ಯಾರ್ಥಿಗಳು ಉತ್ತಮ ಫಲಿತಾಂಶ ಪಡೆಯಬೇಕು. ಶಾಲೆಗೆ ಅಗತ್ಯ ಮೂಲಸೌಕರ್ಯ ಒದಗಿಸಲು ಕ್ರಮ ಕೈಗೊಳ್ಳುವುದಾಗಿ ಭರವಸೆ ನೀಡಿದರು. ಶಿಕ್ಷಕರ ಕೊರತೆ ನೀಗಿಸಲು ಸರ್ಕಾರದ ಗಮನ ಸೆಳೆಯುವುದಾಗಿ ತಿಳಿಸಿದರು. ಮುಖ್ಯ ಶಿಕ್ಷಕರು, ಸಹ ಶಿಕ್ಷಕರು, ಎಸ್‌ಡಿಎಂಸಿ ಸದಸ್ಯರು ಹಾಜರಿದ್ದರು. ಗ್ರಾಮದ ಮುಖಂಡರು ಶಾಲೆಯ ಅಭಿವೃದ್ಧಿಗೆ ಬೇಡಿಕೆ ಸಲ್ಲಿಸಿದರು.
